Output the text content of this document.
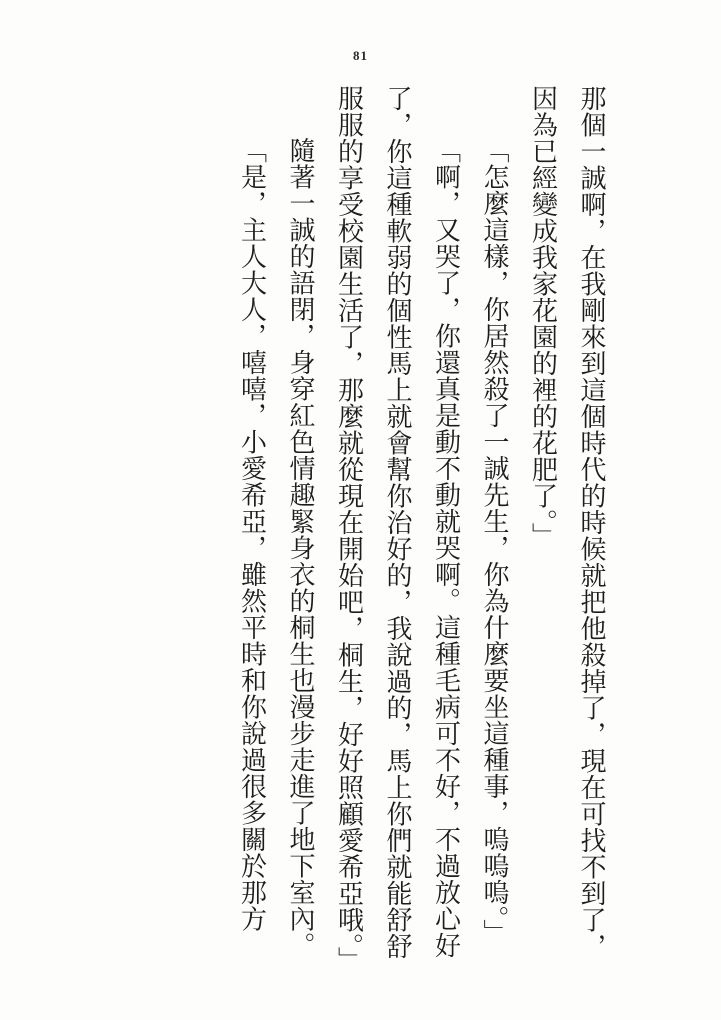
81

那個一誠啊，在我剛來到這個時代的時候就把他殺掉了，現在可找不到了，因為已經變成我家花園的裡的花肥了。」

「怎麼這樣，你居然殺了一誠先生，你為什麼要坐這種事，嗚嗚嗚。」

「啊，又哭了，你還真是動不動就哭啊。這種毛病可不好，不過放心好了，你這種軟弱的個性馬上就會幫你治好的，我說過的，馬上你們就能舒舒服服的享受校園生活了，那麼就從現在開始吧，桐生，好好照顧愛希亞哦。」

隨著一誠的語閉，身穿紅色情趣緊身衣的桐生也漫步走進了地下室內。

「是，主人大人，嘻嘻，小愛希亞，雖然平時和你說過很多關於那方
